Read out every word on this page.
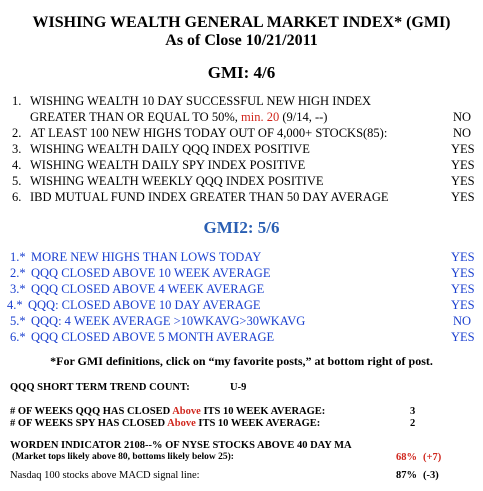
WISHING WEALTH GENERAL MARKET INDEX* (GMI)
As of Close 10/21/2011
GMI: 4/6
1. WISHING WEALTH 10 DAY SUCCESSFUL NEW HIGH INDEX
GREATER THAN OR EQUAL TO 50%, min. 20 (9/14, --)	NO
2. AT LEAST 100 NEW HIGHS TODAY OUT OF 4,000+ STOCKS(85):	NO
3. WISHING WEALTH DAILY QQQ INDEX POSITIVE	YES
4. WISHING WEALTH DAILY SPY INDEX POSITIVE	YES
5. WISHING WEALTH WEEKLY QQQ INDEX POSITIVE	YES
6. IBD MUTUAL FUND INDEX GREATER THAN 50 DAY AVERAGE	YES
GMI2: 5/6
1.* MORE NEW HIGHS THAN LOWS TODAY	YES
2.* QQQ CLOSED ABOVE 10 WEEK AVERAGE	YES
3.* QQQ CLOSED ABOVE 4 WEEK AVERAGE	YES
4.* QQQ: CLOSED ABOVE 10 DAY AVERAGE	YES
5.* QQQ: 4 WEEK AVERAGE >10WKAVG>30WKAVG	NO
6.* QQQ CLOSED ABOVE 5 MONTH AVERAGE	YES
*For GMI definitions, click on “my favorite posts,” at bottom right of post.
QQQ SHORT TERM TREND COUNT:	U-9
# OF WEEKS QQQ HAS CLOSED Above ITS 10 WEEK AVERAGE:	3
# OF WEEKS SPY HAS CLOSED Above ITS 10 WEEK AVERAGE:	2
WORDEN INDICATOR 2108--% OF NYSE STOCKS ABOVE 40 DAY MA
(Market tops likely above 80, bottoms likely below 25):	68% (+7)
Nasdaq 100 stocks above MACD signal line:	87% (-3)
